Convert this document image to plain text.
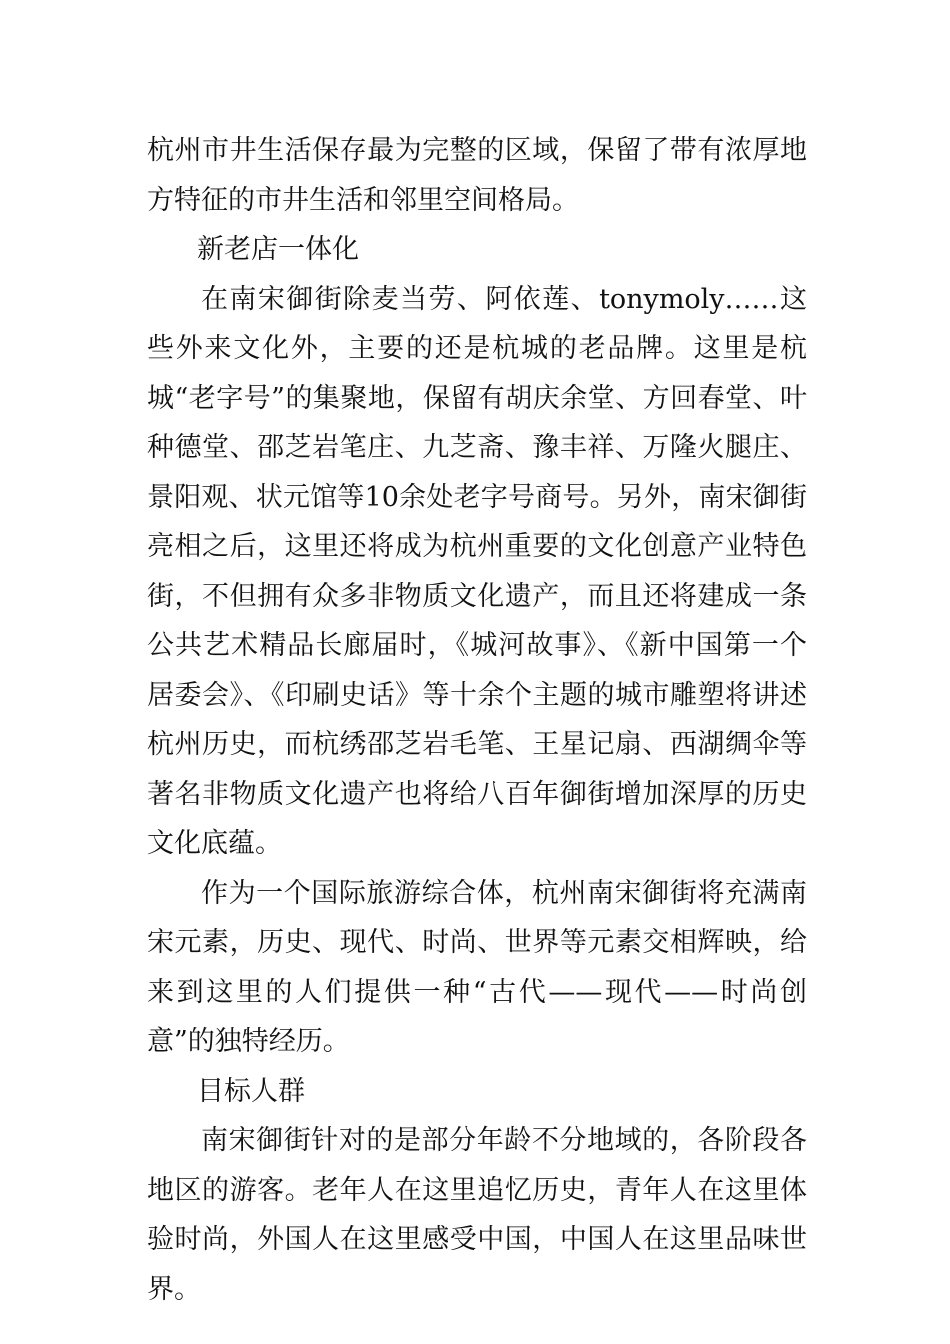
杭州市井生活保存最为完整的区域，保留了带有浓厚地方特征的市井生活和邻里空间格局。

新老店一体化

在南宋御街除麦当劳、阿依莲、tonymoly……这些外来文化外，主要的还是杭城的老品牌。这里是杭城“老字号”的集聚地，保留有胡庆余堂、方回春堂、叶种德堂、邵芝岩笔庄、九芝斋、豫丰祥、万隆火腿庄、景阳观、状元馆等10余处老字号商号。另外，南宋御街亮相之后，这里还将成为杭州重要的文化创意产业特色街，不但拥有众多非物质文化遗产，而且还将建成一条公共艺术精品长廊届时，《城河故事》、《新中国第一个居委会》、《印刷史话》等十余个主题的城市雕塑将讲述杭州历史，而杭绣邵芝岩毛笔、王星记扇、西湖绸伞等著名非物质文化遗产也将给八百年御街增加深厚的历史文化底蕴。

作为一个国际旅游综合体，杭州南宋御街将充满南宋元素，历史、现代、时尚、世界等元素交相辉映，给来到这里的人们提供一种“古代——现代——时尚创意”的独特经历。

目标人群

南宋御街针对的是部分年龄不分地域的，各阶段各地区的游客。老年人在这里追忆历史，青年人在这里体验时尚，外国人在这里感受中国，中国人在这里品味世界。
